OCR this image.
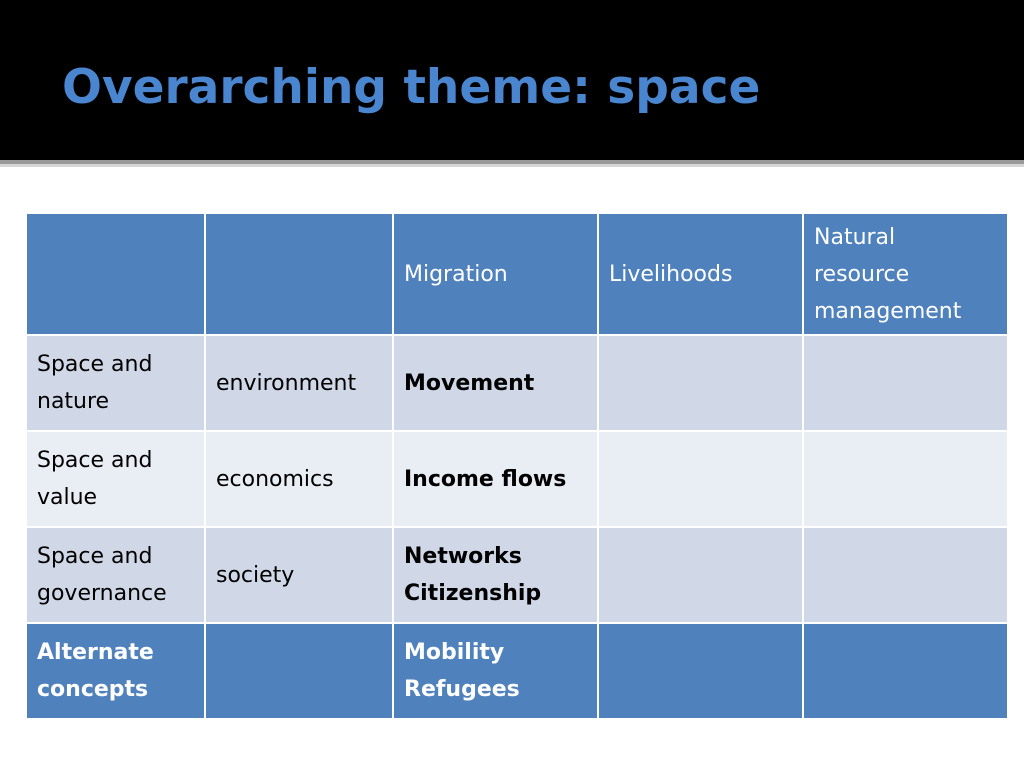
Overarching theme: space
		Migration	Livelihoods	Natural
resource
management

Space and
nature	environment	Movement		

Space and
value	economics	Income flows		

Space and
governance	society	Networks
Citizenship		

Alternate
concepts		Mobility
Refugees		
